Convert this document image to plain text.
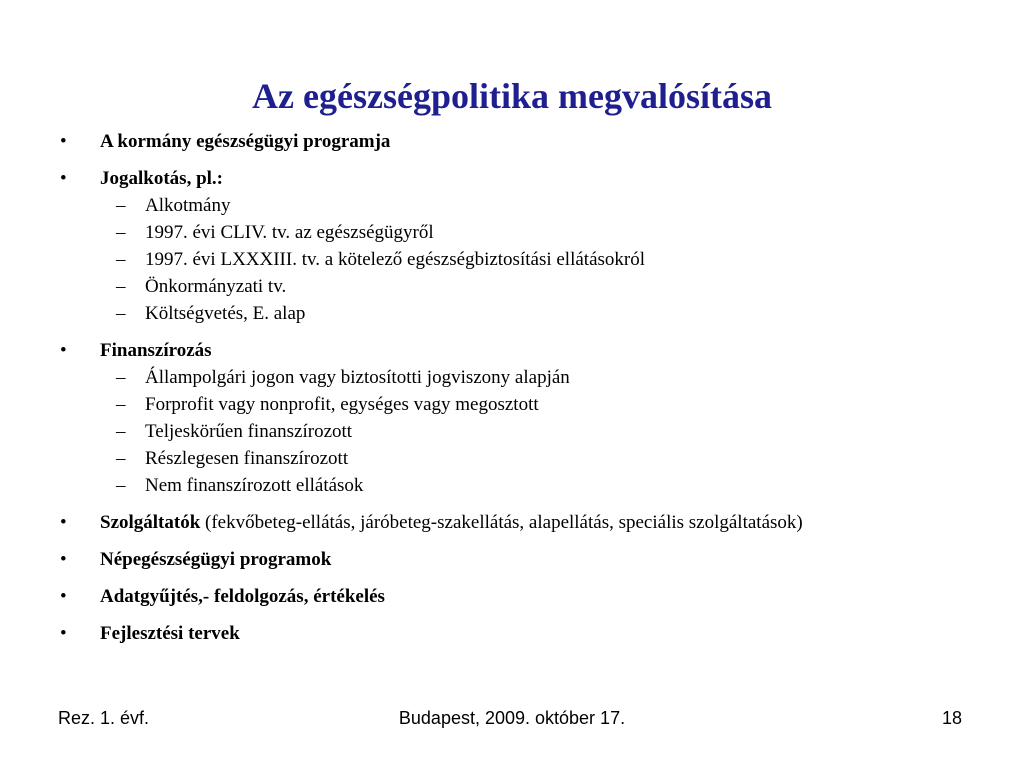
Az egészségpolitika megvalósítása
•	A kormány egészségügyi programja
•	Jogalkotás, pl.:
– Alkotmány
– 1997. évi CLIV. tv. az egészségügyről
– 1997. évi LXXXIII. tv. a kötelező egészségbiztosítási ellátásokról
– Önkormányzati tv.
– Költségvetés, E. alap
•	Finanszírozás
– Állampolgári jogon vagy biztosítotti jogviszony alapján
– Forprofit vagy nonprofit, egységes vagy megosztott
– Teljeskörűen finanszírozott
– Részlegesen finanszírozott
– Nem finanszírozott ellátások
•	Szolgáltatók (fekvőbeteg-ellátás, járóbeteg-szakellátás, alapellátás, speciális szolgáltatások)
•	Népegészségügyi programok
•	Adatgyűjtés,- feldolgozás, értékelés
•	Fejlesztési tervek
Rez. 1. évf.	Budapest, 2009. október 17.	18
